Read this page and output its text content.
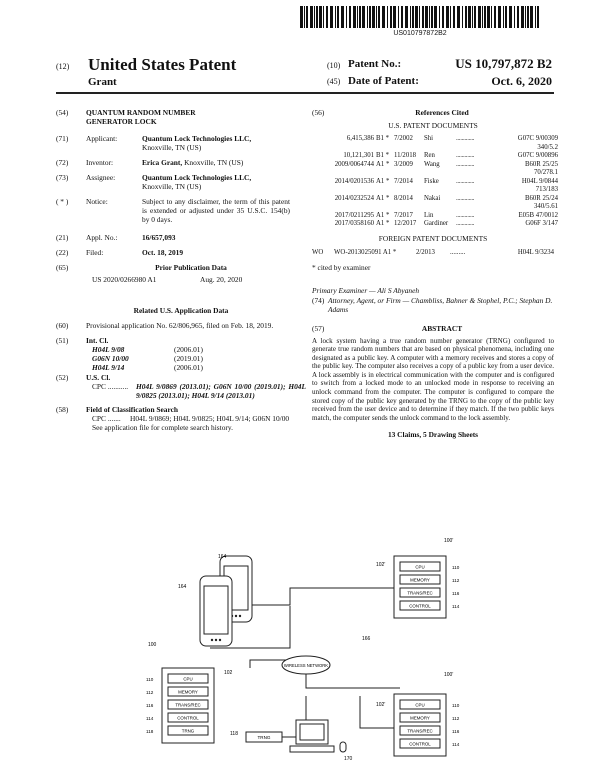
US010797872B2
(12) United States Patent
Grant
(10) Patent No.:	US 10,797,872 B2
(45) Date of Patent:	Oct. 6, 2020
(54)	QUANTUM RANDOM NUMBER GENERATOR LOCK
(71)	Applicant:	Quantum Lock Technologies LLC,
Knoxville, TN (US)
(72)	Inventor:	Erica Grant, Knoxville, TN (US)
(73)	Assignee:	Quantum Lock Technologies LLC,
Knoxville, TN (US)
( * )	Notice:	Subject to any disclaimer, the term of this patent is extended or adjusted under 35 U.S.C. 154(b) by 0 days.
(21)	Appl. No.:	16/657,093
(22)	Filed:	Oct. 18, 2019
(65)	Prior Publication Data
US 2020/0266980 A1	Aug. 20, 2020
Related U.S. Application Data
(60)	Provisional application No. 62/806,965, filed on Feb. 18, 2019.
(51)	Int. Cl.
H04L 9/08	(2006.01)
G06N 10/00	(2019.01)
H04L 9/14	(2006.01)
(52)	U.S. Cl.
CPC ...........	H04L 9/0869 (2013.01); G06N 10/00 (2019.01); H04L 9/0825 (2013.01); H04L 9/14 (2013.01)
(58)	Field of Classification Search
CPC .......	H04L 9/0869; H04L 9/0825; H04L 9/14; G06N 10/00
See application file for complete search history.
(56)	References Cited
U.S. PATENT DOCUMENTS
6,415,386 B1 * 7/2002	Shi	.............	G07C 9/00309
340/5.2
10,121,301 B1 * 11/2018	Ren	.............	G07C 9/00896
2009/0064744 A1 * 3/2009	Wang	.............	B60R 25/25
70/278.1
2014/0201536 A1 * 7/2014	Fiske	.............	H04L 9/0844
713/183
2014/0232524 A1 * 8/2014	Nakai	.............	B60R 25/24
340/5.61
2017/0211295 A1 * 7/2017	Lin	.............	E05B 47/0012
2017/0358160 A1 * 12/2017	Gardiner	.............	G06F 3/147
FOREIGN PATENT DOCUMENTS
WO	WO-2013025091 A1 *	2/2013	.........	H04L 9/3234
* cited by examiner
Primary Examiner — Ali S Abyaneh
(74) Attorney, Agent, or Firm — Chambliss, Bahner & Stophel, P.C.; Stephan D. Adams
(57)	ABSTRACT
A lock system having a true random number generator (TRNG) configured to generate true random numbers that are based on physical phenomena, including one designated as a public key. A computer with a memory receives and stores a copy of the public key. The computer also receives a copy of a public key from a user device. A lock assembly is in electrical communication with the computer and is configured to switch from a locked mode to an unlocked mode in response to receiving an unlock command from the computer. The computer is configured to compare the stored copy of the public key generated by the TRNG to the copy of the public key received from the user device and to determine if they match. If the two public keys match, the computer sends the unlock command to the lock assembly.
13 Claims, 5 Drawing Sheets
164
164
WIRELESS NETWORK
166
CPU
110
MEMORY
112
TRANS/REC
116
CONTROL
114
TRNG
118
100
102
CPU	110
MEMORY	112
TRANS/REC	116
CONTROL	114
100'
102'
CPU	110
MEMORY	112
TRANS/REC	116
CONTROL	114
100'
102'
TRNG
118
170
